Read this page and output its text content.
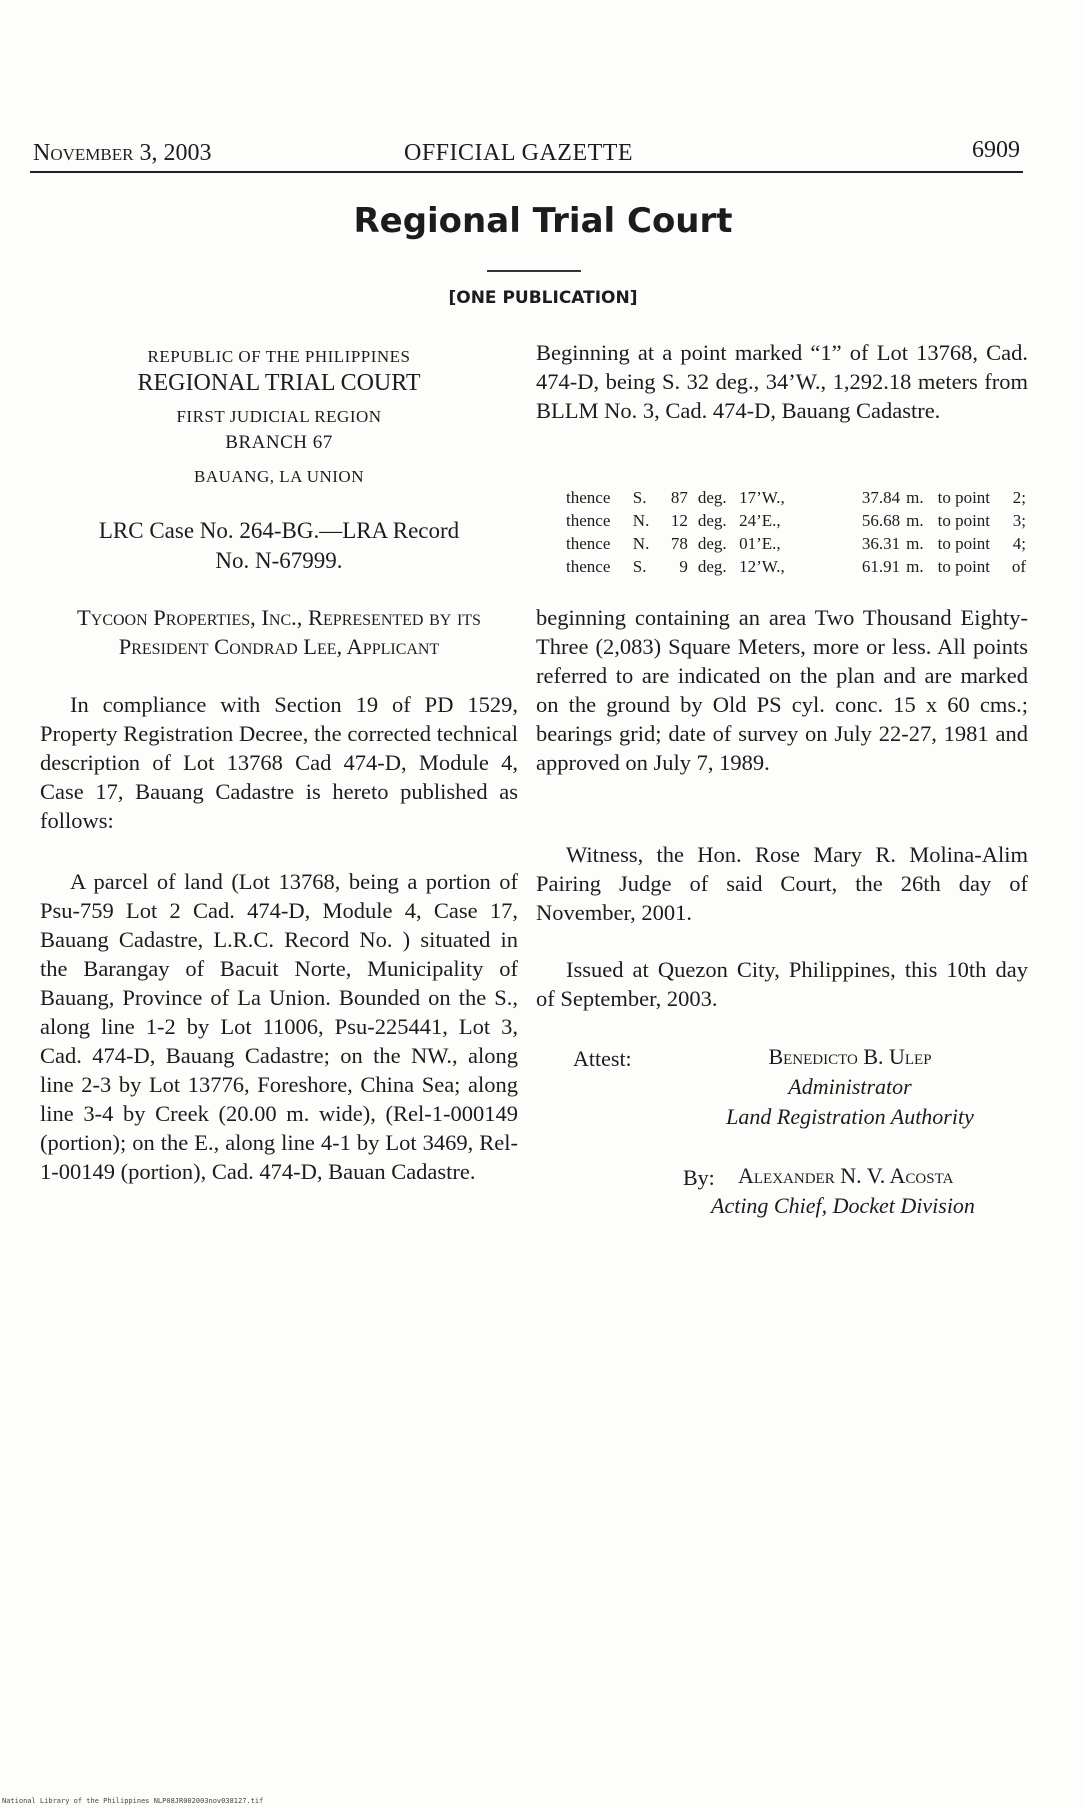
November 3, 2003	OFFICIAL GAZETTE	6909
Regional Trial Court
[ONE PUBLICATION]
REPUBLIC OF THE PHILIPPINES
REGIONAL TRIAL COURT
FIRST JUDICIAL REGION
BRANCH 67
BAUANG, LA UNION
LRC Case No. 264-BG.—LRA Record
No. N-67999.
Tycoon Properties, Inc., Represented by its President Condrad Lee, Applicant
In compliance with Section 19 of PD 1529, Property Registration Decree, the corrected technical description of Lot 13768 Cad 474-D, Module 4, Case 17, Bauang Cadastre is hereto published as follows:
A parcel of land (Lot 13768, being a portion of Psu-759 Lot 2 Cad. 474-D, Module 4, Case 17, Bauang Cadastre, L.R.C. Record No. ) situated in the Barangay of Bacuit Norte, Municipality of Bauang, Province of La Union. Bounded on the S., along line 1-2 by Lot 11006, Psu-225441, Lot 3, Cad. 474-D, Bauang Cadastre; on the NW., along line 2-3 by Lot 13776, Foreshore, China Sea; along line 3-4 by Creek (20.00 m. wide), (Rel-1-000149 (portion); on the E., along line 4-1 by Lot 3469, Rel-1-00149 (portion), Cad. 474-D, Bauan Cadastre.
Beginning at a point marked “1” of Lot 13768, Cad. 474-D, being S. 32 deg., 34’W., 1,292.18 meters from BLLM No. 3, Cad. 474-D, Bauang Cadastre.
thence	S.	87 deg. 17’W.,	37.84 m. to point	2;
thence	N.	12 deg. 24’E.,	56.68 m. to point	3;
thence	N.	78 deg. 01’E.,	36.31 m. to point	4;
thence	S.	9 deg. 12’W.,	61.91 m. to point	of
beginning containing an area Two Thousand Eighty-Three (2,083) Square Meters, more or less. All points referred to are indicated on the plan and are marked on the ground by Old PS cyl. conc. 15 x 60 cms.; bearings grid; date of survey on July 22-27, 1981 and approved on July 7, 1989.
Witness, the Hon. Rose Mary R. Molina-Alim Pairing Judge of said Court, the 26th day of November, 2001.
Issued at Quezon City, Philippines, this 10th day of September, 2003.
Attest:	Benedicto B. Ulep
Administrator
Land Registration Authority
By: Alexander N. V. Acosta
Acting Chief, Docket Division
National Library of the Philippines NLP08JR002003nov038127.tif
